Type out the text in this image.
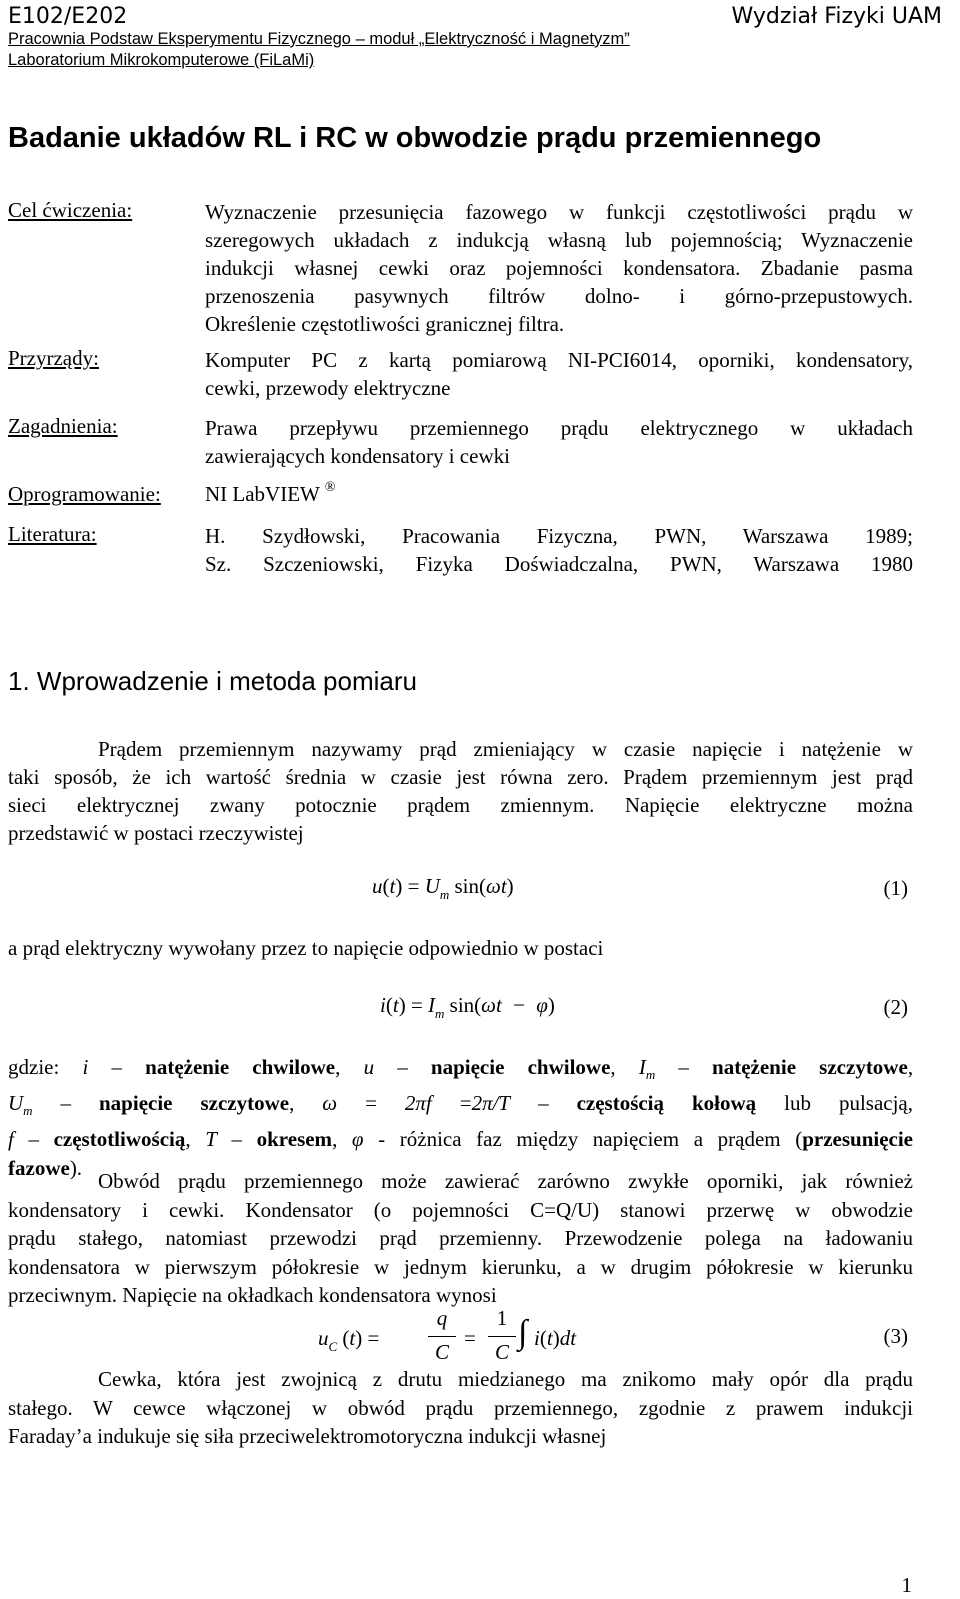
E102/E202	Wydział Fizyki UAM
Pracownia Podstaw Eksperymentu Fizycznego – moduł „Elektryczność i Magnetyzm”
Laboratorium Mikrokomputerowe (FiLaMi)
Badanie układów RL i RC w obwodzie prądu przemiennego
Cel ćwiczenia:	Wyznaczenie przesunięcia fazowego w funkcji częstotliwości prądu w
szeregowych układach z indukcją własną lub pojemnością; Wyznaczenie
indukcji własnej cewki oraz pojemności kondensatora. Zbadanie pasma
przenoszenia pasywnych filtrów dolno- i górno-przepustowych.
Określenie częstotliwości granicznej filtra.
Przyrządy:	Komputer PC z kartą pomiarową NI-PCI6014, oporniki, kondensatory,
cewki, przewody elektryczne
Zagadnienia:	Prawa przepływu przemiennego prądu elektrycznego w układach
zawierających kondensatory i cewki
Oprogramowanie: NI LabVIEW ®
Literatura:	H. Szydłowski, Pracowania Fizyczna, PWN, Warszawa 1989;
Sz. Szczeniowski, Fizyka Doświadczalna, PWN, Warszawa 1980
1. Wprowadzenie i metoda pomiaru
Prądem przemiennym nazywamy prąd zmieniający w czasie napięcie i natężenie w
taki sposób, że ich wartość średnia w czasie jest równa zero. Prądem przemiennym jest prąd
sieci elektrycznej zwany potocznie prądem zmiennym. Napięcie elektryczne można
przedstawić w postaci rzeczywistej
$u(t) = U_m$ sin(ωt)	(1)
a prąd elektryczny wywołany przez to napięcie odpowiednio w postaci
$i(t) = I_m$ sin(ωt − φ)	(2)
gdzie: i – natężenie chwilowe, u – napięcie chwilowe, $I_m$ – natężenie szczytowe,
$U_m$ – napięcie szczytowe, ω = 2πf =2π/T – częstością kołową lub pulsacją,
f – częstotliwością, T – okresem, φ - różnica faz między napięciem a prądem (przesunięcie
fazowe).
Obwód prądu przemiennego może zawierać zarówno zwykłe oporniki, jak również
kondensatory i cewki. Kondensator (o pojemności C=Q/U) stanowi przerwę w obwodzie
prądu stałego, natomiast przewodzi prąd przemienny. Przewodzenie polega na ładowaniu
kondensatora w pierwszym półokresie w jednym kierunku, a w drugim półokresie w kierunku
przeciwnym. Napięcie na okładkach kondensatora wynosi
$u_C$ (t) =
q
C
=
1
C
∫ i(t)dt	(3)
Cewka, która jest zwojnicą z drutu miedzianego ma znikomo mały opór dla prądu
stałego. W cewce włączonej w obwód prądu przemiennego, zgodnie z prawem indukcji
Faraday’a indukuje się siła przeciwelektromotoryczna indukcji własnej
1
